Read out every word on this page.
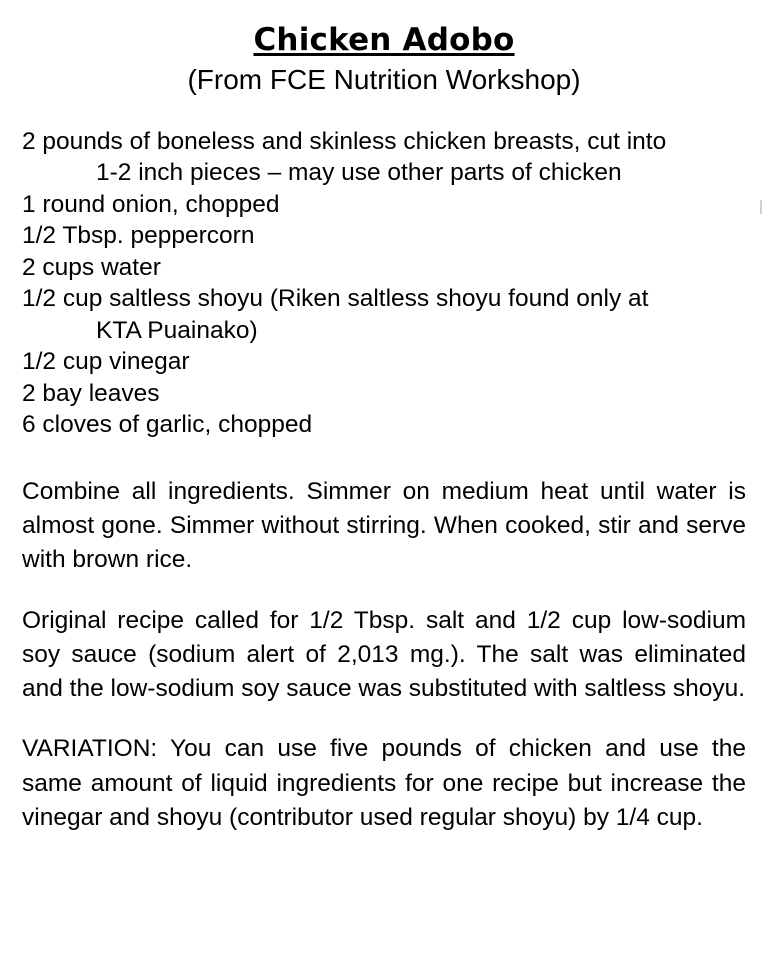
Chicken Adobo
(From FCE Nutrition Workshop)
2 pounds of boneless and skinless chicken breasts, cut into
1-2 inch pieces – may use other parts of chicken
1 round onion, chopped
1/2 Tbsp. peppercorn
2 cups water
1/2 cup saltless shoyu (Riken saltless shoyu found only at
KTA Puainako)
1/2 cup vinegar
2 bay leaves
6 cloves of garlic, chopped

Combine all ingredients. Simmer on medium heat until water is almost gone. Simmer without stirring. When cooked, stir and serve with brown rice.

Original recipe called for 1/2 Tbsp. salt and 1/2 cup low-sodium soy sauce (sodium alert of 2,013 mg.). The salt was eliminated and the low-sodium soy sauce was substituted with saltless shoyu.

VARIATION: You can use five pounds of chicken and use the same amount of liquid ingredients for one recipe but increase the vinegar and shoyu (contributor used regular shoyu) by 1/4 cup.
